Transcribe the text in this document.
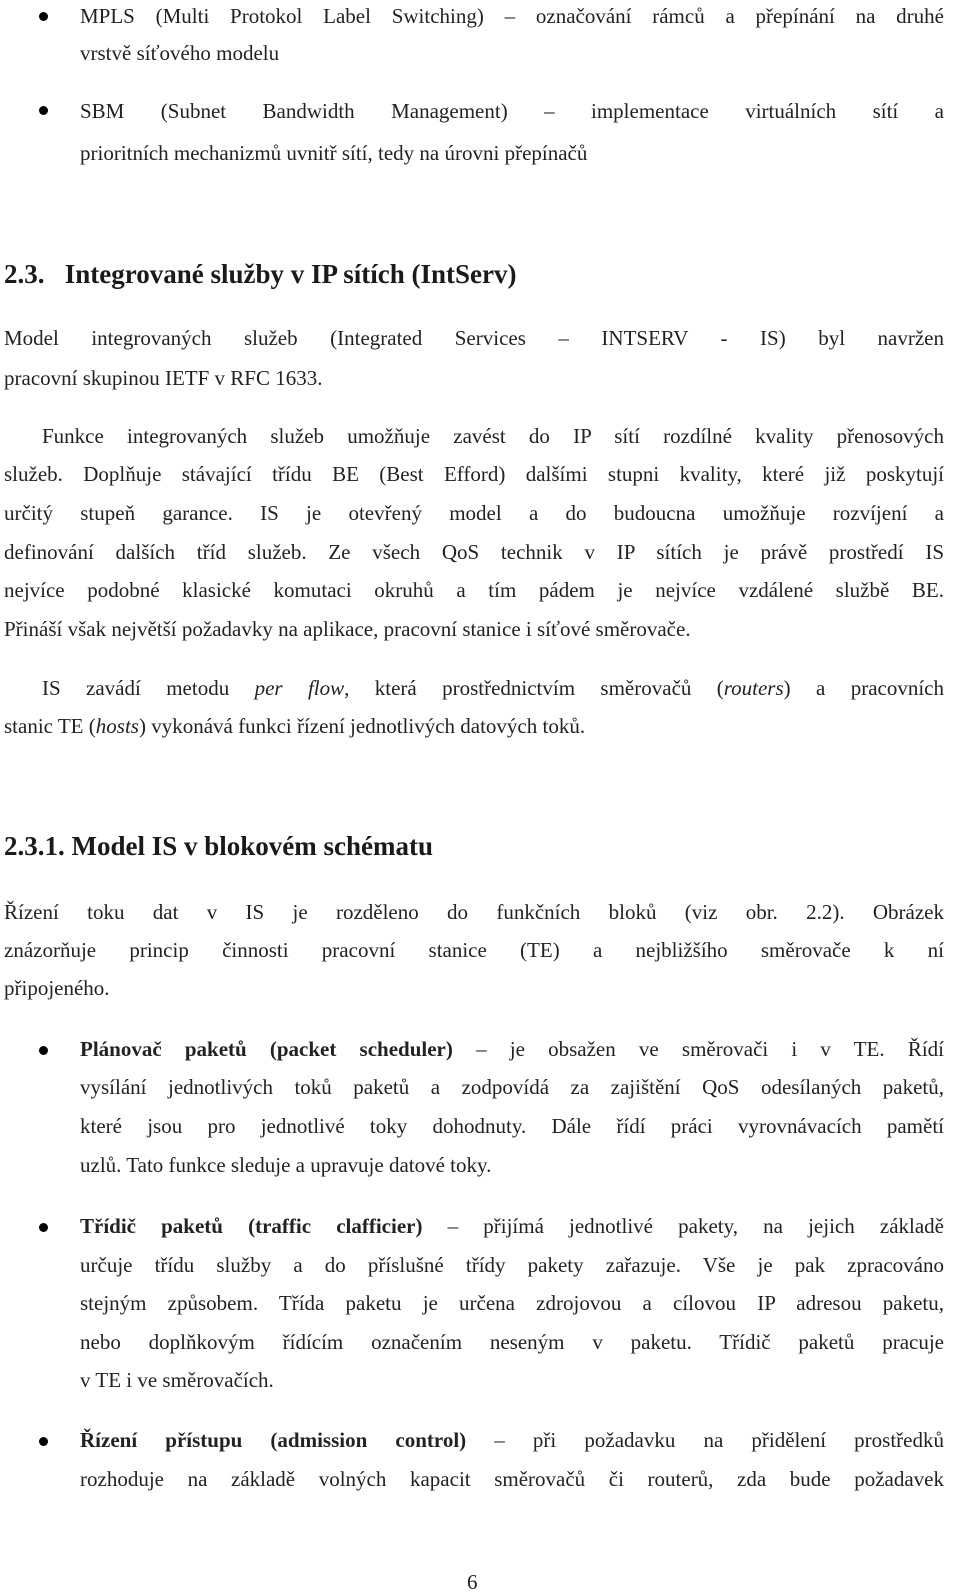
MPLS (Multi Protokol Label Switching) – označování rámců a přepínání na druhé
vrstvě síťového modelu
SBM (Subnet Bandwidth Management) – implementace virtuálních sítí a
prioritních mechanizmů uvnitř sítí, tedy na úrovni přepínačů
2.3. Integrované služby v IP sítích (IntServ)
Model integrovaných služeb (Integrated Services – INTSERV - IS) byl navržen
pracovní skupinou IETF v RFC 1633.
Funkce integrovaných služeb umožňuje zavést do IP sítí rozdílné kvality přenosových
služeb. Doplňuje stávající třídu BE (Best Efford) dalšími stupni kvality, které již poskytují
určitý stupeň garance. IS je otevřený model a do budoucna umožňuje rozvíjení a
definování dalších tříd služeb. Ze všech QoS technik v IP sítích je právě prostředí IS
nejvíce podobné klasické komutaci okruhů a tím pádem je nejvíce vzdálené službě BE.
Přináší však největší požadavky na aplikace, pracovní stanice i síťové směrovače.
IS zavádí metodu per flow, která prostřednictvím směrovačů (routers) a pracovních
stanic TE (hosts) vykonává funkci řízení jednotlivých datových toků.
2.3.1. Model IS v blokovém schématu
Řízení toku dat v IS je rozděleno do funkčních bloků (viz obr. 2.2). Obrázek
znázorňuje princip činnosti pracovní stanice (TE) a nejbližšího směrovače k ní
připojeného.
Plánovač paketů (packet scheduler) – je obsažen ve směrovači i v TE. Řídí
vysílání jednotlivých toků paketů a zodpovídá za zajištění QoS odesílaných paketů,
které jsou pro jednotlivé toky dohodnuty. Dále řídí práci vyrovnávacích pamětí
uzlů. Tato funkce sleduje a upravuje datové toky.
Třídič paketů (traffic clafficier) – přijímá jednotlivé pakety, na jejich základě
určuje třídu služby a do příslušné třídy pakety zařazuje. Vše je pak zpracováno
stejným způsobem. Třída paketu je určena zdrojovou a cílovou IP adresou paketu,
nebo doplňkovým řídícím označením neseným v paketu. Třídič paketů pracuje
v TE i ve směrovačích.
Řízení přístupu (admission control) – při požadavku na přidělení prostředků
rozhoduje na základě volných kapacit směrovačů či routerů, zda bude požadavek
6
